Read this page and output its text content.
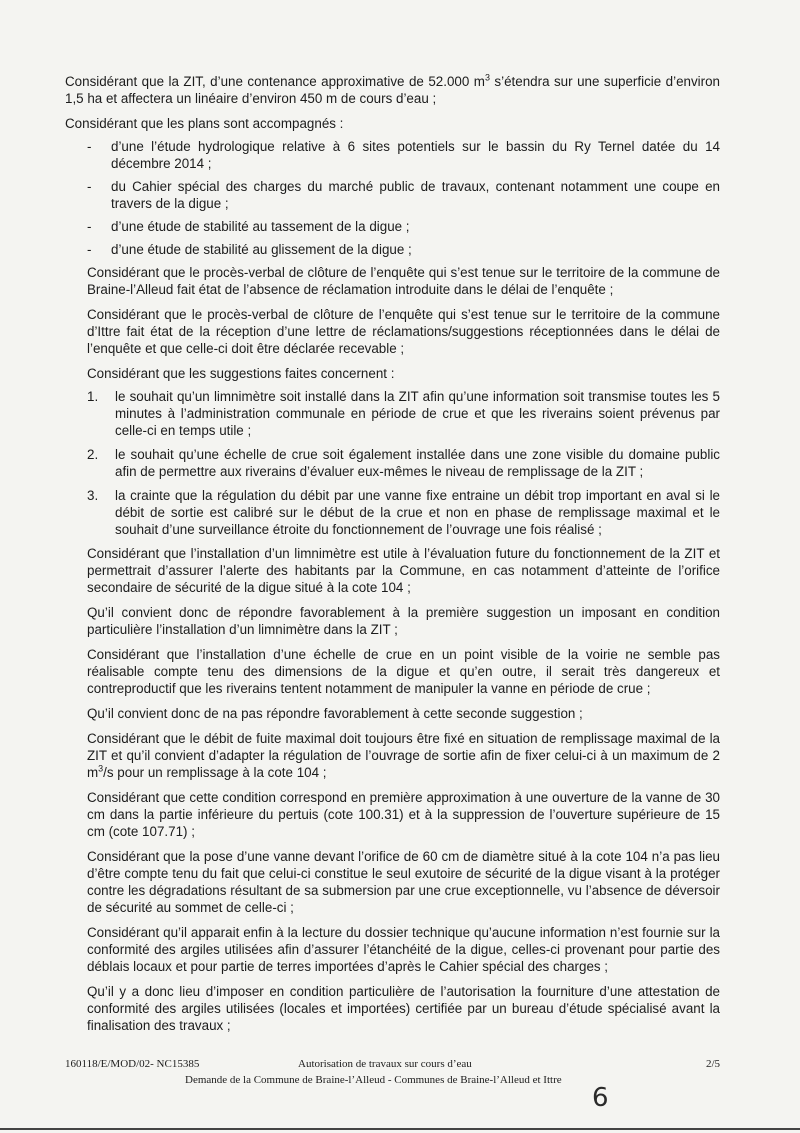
Considérant que la ZIT, d’une contenance approximative de 52.000 $m^3$ s’étendra sur une superficie d’environ 1,5 ha et affectera un linéaire d’environ 450 m de cours d’eau ;

Considérant que les plans sont accompagnés :

- d’une l’étude hydrologique relative à 6 sites potentiels sur le bassin du Ry Ternel datée du 14 décembre 2014 ;
- du Cahier spécial des charges du marché public de travaux, contenant notamment une coupe en travers de la digue ;
- d’une étude de stabilité au tassement de la digue ;
- d’une étude de stabilité au glissement de la digue ;

Considérant que le procès-verbal de clôture de l’enquête qui s’est tenue sur le territoire de la commune de Braine-l’Alleud fait état de l’absence de réclamation introduite dans le délai de l’enquête ;

Considérant que le procès-verbal de clôture de l’enquête qui s’est tenue sur le territoire de la commune d’Ittre fait état de la réception d’une lettre de réclamations/suggestions réceptionnées dans le délai de l’enquête et que celle-ci doit être déclarée recevable ;

Considérant que les suggestions faites concernent :

1. le souhait qu’un limnimètre soit installé dans la ZIT afin qu’une information soit transmise toutes les 5 minutes à l’administration communale en période de crue et que les riverains soient prévenus par celle-ci en temps utile ;
2. le souhait qu’une échelle de crue soit également installée dans une zone visible du domaine public afin de permettre aux riverains d’évaluer eux-mêmes le niveau de remplissage de la ZIT ;
3. la crainte que la régulation du débit par une vanne fixe entraine un débit trop important en aval si le débit de sortie est calibré sur le début de la crue et non en phase de remplissage maximal et le souhait d’une surveillance étroite du fonctionnement de l’ouvrage une fois réalisé ;

Considérant que l’installation d’un limnimètre est utile à l’évaluation future du fonctionnement de la ZIT et permettrait d’assurer l’alerte des habitants par la Commune, en cas notamment d’atteinte de l’orifice secondaire de sécurité de la digue situé à la cote 104 ;

Qu’il convient donc de répondre favorablement à la première suggestion un imposant en condition particulière l’installation d’un limnimètre dans la ZIT ;

Considérant que l’installation d’une échelle de crue en un point visible de la voirie ne semble pas réalisable compte tenu des dimensions de la digue et qu’en outre, il serait très dangereux et contreproductif que les riverains tentent notamment de manipuler la vanne en période de crue ;

Qu’il convient donc de na pas répondre favorablement à cette seconde suggestion ;

Considérant que le débit de fuite maximal doit toujours être fixé en situation de remplissage maximal de la ZIT et qu’il convient d’adapter la régulation de l’ouvrage de sortie afin de fixer celui-ci à un maximum de 2 $m^3/s$ pour un remplissage à la cote 104 ;

Considérant que cette condition correspond en première approximation à une ouverture de la vanne de 30 cm dans la partie inférieure du pertuis (cote 100.31) et à la suppression de l’ouverture supérieure de 15 cm (cote 107.71) ;

Considérant que la pose d’une vanne devant l’orifice de 60 cm de diamètre situé à la cote 104 n’a pas lieu d’être compte tenu du fait que celui-ci constitue le seul exutoire de sécurité de la digue visant à la protéger contre les dégradations résultant de sa submersion par une crue exceptionnelle, vu l’absence de déversoir de sécurité au sommet de celle-ci ;

Considérant qu’il apparait enfin à la lecture du dossier technique qu’aucune information n’est fournie sur la conformité des argiles utilisées afin d’assurer l’étanchéité de la digue, celles-ci provenant pour partie des déblais locaux et pour partie de terres importées d’après le Cahier spécial des charges ;

Qu’il y a donc lieu d’imposer en condition particulière de l’autorisation la fourniture d’une attestation de conformité des argiles utilisées (locales et importées) certifiée par un bureau d’étude spécialisé avant la finalisation des travaux ;

160118/E/MOD/02- NC15385	Autorisation de travaux sur cours d’eau	2/5
Demande de la Commune de Braine-l’Alleud - Communes de Braine-l’Alleud et Ittre
6
